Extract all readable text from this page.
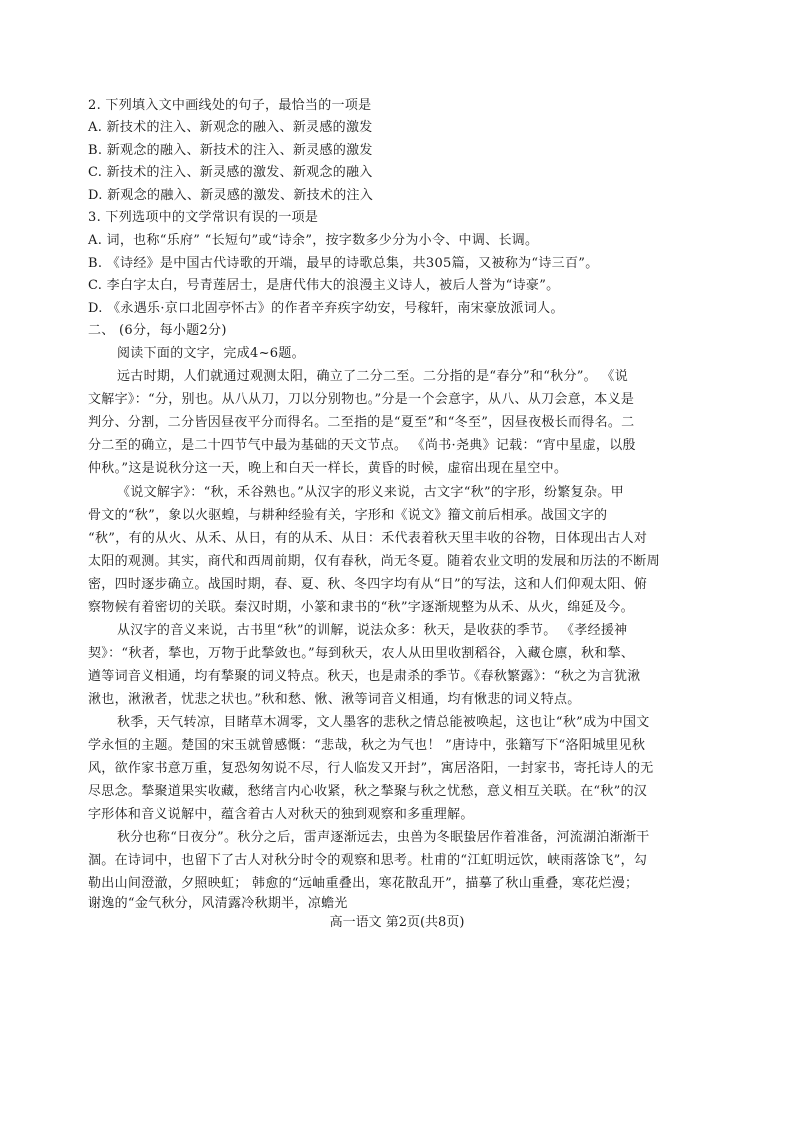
2. 下列填入文中画线处的句子，最恰当的一项是
A. 新技术的注入、新观念的融入、新灵感的激发
B. 新观念的融入、新技术的注入、新灵感的激发
C. 新技术的注入、新灵感的激发、新观念的融入
D. 新观念的融入、新灵感的激发、新技术的注入
3. 下列选项中的文学常识有误的一项是
A. 词，也称“乐府” “长短句”或“诗余”，按字数多少分为小令、中调、长调。
B. 《诗经》是中国古代诗歌的开端，最早的诗歌总集，共305篇，又被称为“诗三百”。
C. 李白字太白，号青莲居士，是唐代伟大的浪漫主义诗人，被后人誉为“诗豪”。
D. 《永遇乐·京口北固亭怀古》的作者辛弃疾字幼安，号稼轩，南宋豪放派词人。
二、 (6分，每小题2分)
阅读下面的文字，完成4~6题。
远古时期，人们就通过观测太阳，确立了二分二至。二分指的是“春分”和“秋分”。 《说
文解字》：“分，别也。从八从刀，刀以分别物也。”分是一个会意字，从八、从刀会意，本义是
判分、分割，二分皆因昼夜平分而得名。二至指的是“夏至”和“冬至”，因昼夜极长而得名。二
分二至的确立，是二十四节气中最为基础的天文节点。 《尚书·尧典》记载：“宵中星虚，以殷
仲秋。”这是说秋分这一天，晚上和白天一样长，黄昏的时候，虚宿出现在星空中。
《说文解字》：“秋，禾谷熟也。”从汉字的形义来说，古文字“秋”的字形，纷繁复杂。甲
骨文的“秋”，象以火驱蝗，与耕种经验有关，字形和《说文》籀文前后相承。战国文字的
“秋”，有的从火、从禾、从日，有的从禾、从日：禾代表着秋天里丰收的谷物，日体现出古人对
太阳的观测。其实，商代和西周前期，仅有春秋，尚无冬夏。随着农业文明的发展和历法的不断周
密，四时逐步确立。战国时期，春、夏、秋、冬四字均有从“日”的写法，这和人们仰观太阳、俯
察物候有着密切的关联。秦汉时期，小篆和隶书的“秋”字逐渐规整为从禾、从火，绵延及今。
从汉字的音义来说，古书里“秋”的训解，说法众多：秋天，是收获的季节。 《孝经援神
契》：“秋者，揫也，万物于此揫敛也。”每到秋天，农人从田里收割稻谷，入藏仓廪，秋和揫、
遒等词音义相通，均有揫聚的词义特点。秋天，也是肃杀的季节。《春秋繁露》：“秋之为言犹湫
湫也，湫湫者，忧悲之状也。”秋和愁、愀、湫等词音义相通，均有愀悲的词义特点。
秋季，天气转凉，目睹草木凋零，文人墨客的悲秋之情总能被唤起，这也让“秋”成为中国文
学永恒的主题。楚国的宋玉就曾感慨：“悲哉，秋之为气也！ ”唐诗中，张籍写下“洛阳城里见秋
风，欲作家书意万重，复恐匆匆说不尽，行人临发又开封”，寓居洛阳，一封家书，寄托诗人的无
尽思念。揫聚道果实收藏，愁绪言内心收紧，秋之揫聚与秋之忧愁，意义相互关联。在“秋”的汉
字形体和音义说解中，蕴含着古人对秋天的独到观察和多重理解。
秋分也称“日夜分”。秋分之后，雷声逐渐远去，虫兽为冬眠蛰居作着准备，河流湖泊渐渐干
涸。在诗词中，也留下了古人对秋分时令的观察和思考。杜甫的“江虹明远饮，峡雨落馀飞”，勾
勒出山间澄澈，夕照映虹； 韩愈的“远岫重叠出，寒花散乱开”，描摹了秋山重叠，寒花烂漫；
谢逸的“金气秋分，风清露冷秋期半，凉蟾光
高一语文 第2页(共8页)
